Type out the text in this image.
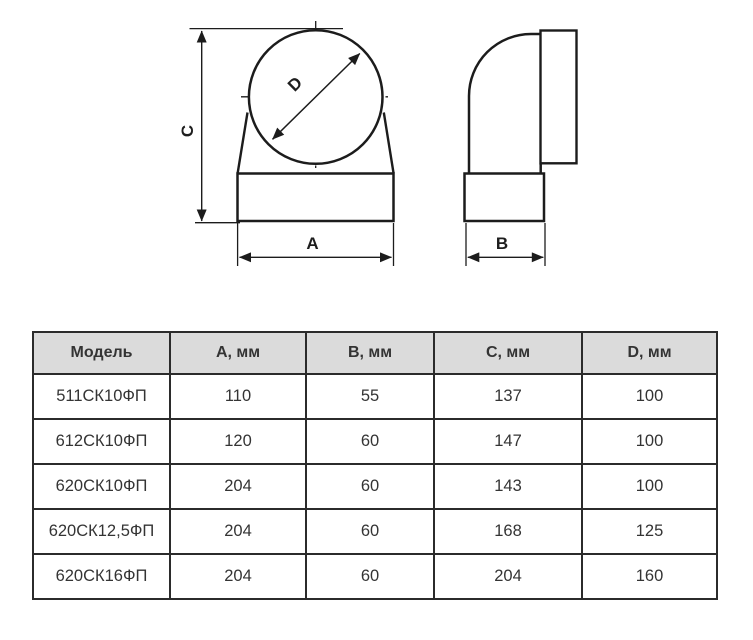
C
D
A	B
Модель	A, мм	B, мм	C, мм	D, мм
511СК10ФП	110	55	137	100
612СК10ФП	120	60	147	100
620СК10ФП	204	60	143	100
620СК12,5ФП	204	60	168	125
620СК16ФП	204	60	204	160
